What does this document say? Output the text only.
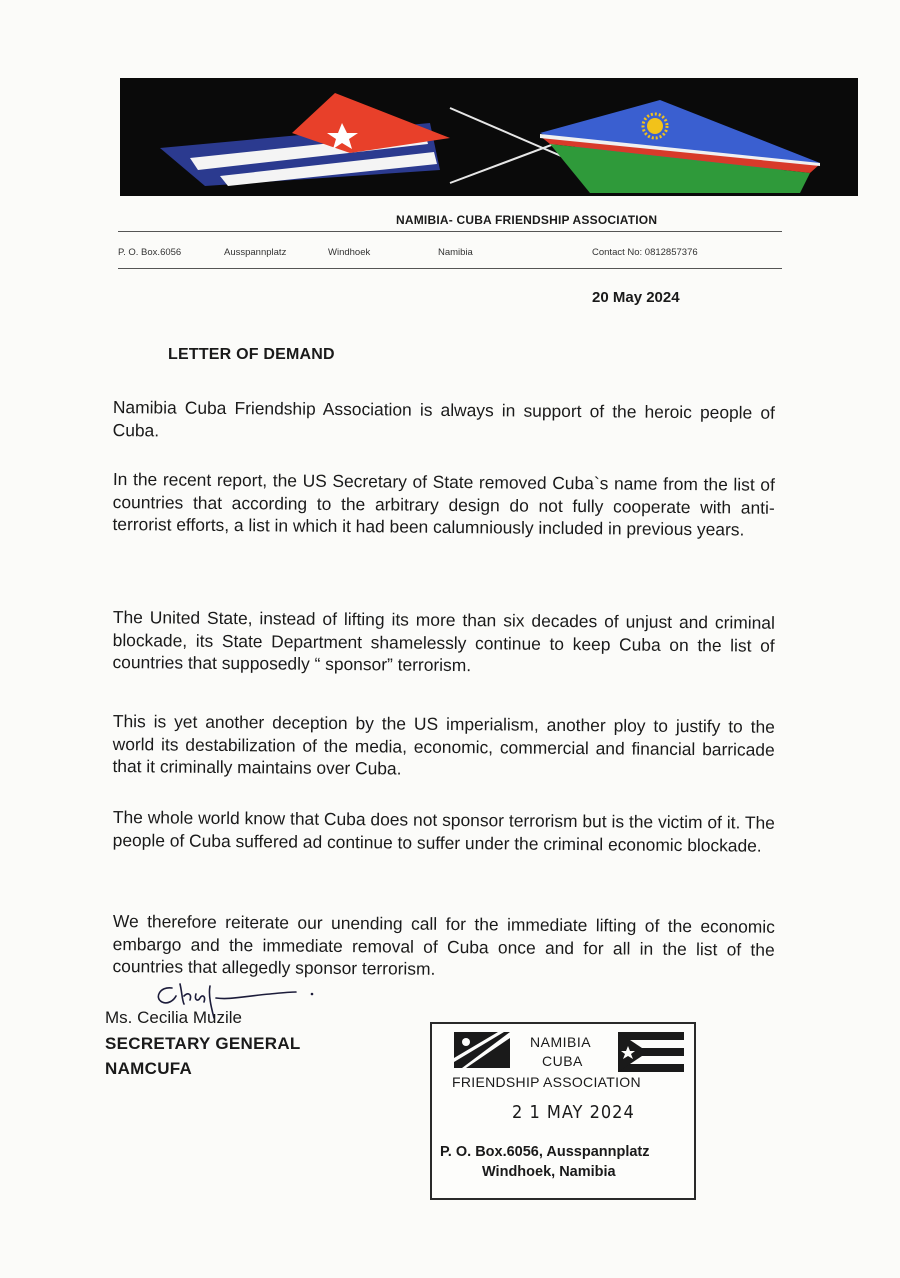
NAMIBIA- CUBA FRIENDSHIP ASSOCIATION
P. O. Box.6056	Ausspannplatz	Windhoek	Namibia	Contact No: 0812857376
20 May 2024
LETTER OF DEMAND

Namibia Cuba Friendship Association is always in support of the heroic people of Cuba.

In the recent report, the US Secretary of State removed Cuba`s name from the list of countries that according to the arbitrary design do not fully cooperate with anti-terrorist efforts, a list in which it had been calumniously included in previous years.

The United State, instead of lifting its more than six decades of unjust and criminal blockade, its State Department shamelessly continue to keep Cuba on the list of countries that supposedly “ sponsor” terrorism.

This is yet another deception by the US imperialism, another ploy to justify to the world its destabilization of the media, economic, commercial and financial barricade that it criminally maintains over Cuba.

The whole world know that Cuba does not sponsor terrorism but is the victim of it. The people of Cuba suffered ad continue to suffer under the criminal economic blockade.

We therefore reiterate our unending call for the immediate lifting of the economic embargo and the immediate removal of Cuba once and for all in the list of the countries that allegedly sponsor terrorism.

Ms. Cecilia Muzile
SECRETARY GENERAL
NAMCUFA
NAMIBIA
CUBA
FRIENDSHIP ASSOCIATION
2 1 MAY 2024
P. O. Box.6056, Ausspannplatz
Windhoek, Namibia
